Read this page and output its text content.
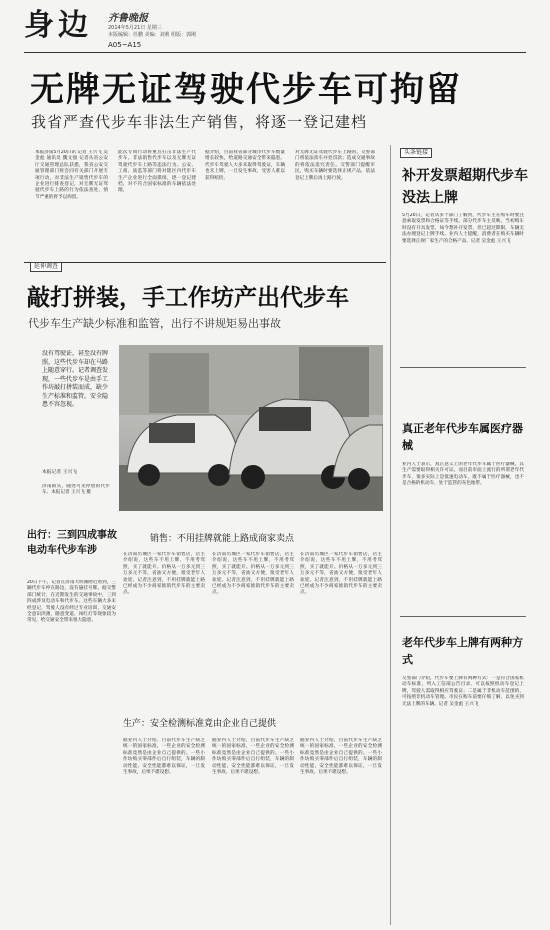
身边 齐鲁晚报
2014年5月21日 星期三
本版编辑：任鹏 美编：刘莉 组版：郭刚
A05~A15
无牌无证驾驶代步车可拘留
我省严查代步车非法生产销售，将逐一登记建档
本报济南5月20日讯 记者 王兴飞 吴金彪 通讯员 魏文强 记者从省公安厅交通管理总队获悉，我省公安交通管理部门将会同有关部门开展专项行动，对非法生产销售代步车的企业进行排查登记，对无牌无证驾驶代步车上路的行为依法查处，情节严重的将予以拘留。
此次专项行动将重点打击非法生产代步车、非法销售代步车以及无牌无证驾驶代步车上路等违法行为。公安、工商、质监等部门将对辖区内代步车生产企业进行全面摸排，逐一登记建档，对不符合国家标准的车辆依法处理。
据介绍，目前我省部分城市代步车数量增长较快，给道路交通安全带来隐患。代步车驾驶人大多未取得驾驶证，车辆也未上牌，一旦发生事故，受害人难以获得赔偿。
对无牌无证驾驶代步车上路的，交警部门将依法扣车并处罚款；造成交通事故的将依法追究责任。交警部门提醒市民，购买车辆时要选择正规产品，依法登记上牌后再上路行驶。
头条链接
补开发票超期代步车没法上牌
5月20日，记者从多个部门了解到，代步车主在购车时要注意索取发票和合格证等手续。部分代步车主反映，当初购车时没有开具发票，如今想补开发票，但已超过期限，车辆无法办理登记上牌手续。业内人士提醒，消费者在购买车辆时要选择正规厂家生产的合格产品。记者 吴金彪 王兴飞
延伸调查
敲打拼装，手工作坊产出代步车
代步车生产缺少标准和监管，出行不讲规矩易出事故
没有驾驶证，甚至没有牌照，这些代步车却在马路上随意穿行。记者调查发现，一些代步车是由手工作坊敲打拼装而成，缺少生产标准和监管，安全隐患不容忽视。
本报记者 王兴飞
济南街头，随处可见停放的代步车。本报记者 王兴飞 摄
出行：三到四成事故电动车代步车涉
20日下午，记者在济南大明湖附近看到，三辆代步车停在路边，没有悬挂号牌。据交警部门统计，在近期发生的交通事故中，三到四成涉及电动车和代步车。这些车辆大多未经登记，驾驶人没有经过专业培训，交通安全意识淡薄，随意变道、闯红灯等现象较为常见，给交通安全带来很大隐患。
销售：不用挂牌就能上路成商家卖点
在济南历城区一家代步车销售店，店主介绍说，这些车不用上牌，不用考驾照，买了就能开。价格从一万多元到三万多元不等，省油又方便，很受老年人欢迎。记者注意到，不用挂牌就能上路已经成为不少商家推销代步车的主要卖点。
在济南历城区一家代步车销售店，店主介绍说，这些车不用上牌，不用考驾照，买了就能开。价格从一万多元到三万多元不等，省油又方便，很受老年人欢迎。记者注意到，不用挂牌就能上路已经成为不少商家推销代步车的主要卖点。
在济南历城区一家代步车销售店，店主介绍说，这些车不用上牌，不用考驾照，买了就能开。价格从一万多元到三万多元不等，省油又方便，很受老年人欢迎。记者注意到，不用挂牌就能上路已经成为不少商家推销代步车的主要卖点。
生产：安全检测标准竟由企业自己提供
据业内人士介绍，目前代步车生产缺乏统一的国家标准，一些企业的安全检测标准竟然是由企业自己提供的。一些小作坊购买零部件后自行组装，车辆的制动性能、安全性能都难以保证，一旦发生事故，后果不堪设想。
据业内人士介绍，目前代步车生产缺乏统一的国家标准，一些企业的安全检测标准竟然是由企业自己提供的。一些小作坊购买零部件后自行组装，车辆的制动性能、安全性能都难以保证，一旦发生事故，后果不堪设想。
据业内人士介绍，目前代步车生产缺乏统一的国家标准，一些企业的安全检测标准竟然是由企业自己提供的。一些小作坊购买零部件后自行组装，车辆的制动性能、安全性能都难以保证，一旦发生事故，后果不堪设想。
真正老年代步车属医疗器械
业内人士表示，真正意义上的老年代步车属于医疗器械，其生产需要取得相关许可证。而目前市面上流行的所谓老年代步车，很多实际上是低速电动车，既不属于医疗器械，也不是合格的机动车，处于监管的灰色地带。
老年代步车上牌有两种方式
交警部门介绍，代步车要上牌有两种方式：一是符合国家机动车标准，列入工信部公告目录，可以按照机动车登记上牌，驾驶人需取得相应驾驶证；二是属于非机动车范围的，可按照非机动车管理。市民在购车前要仔细了解，以免买到无法上牌的车辆。记者 吴金彪 王兴飞
